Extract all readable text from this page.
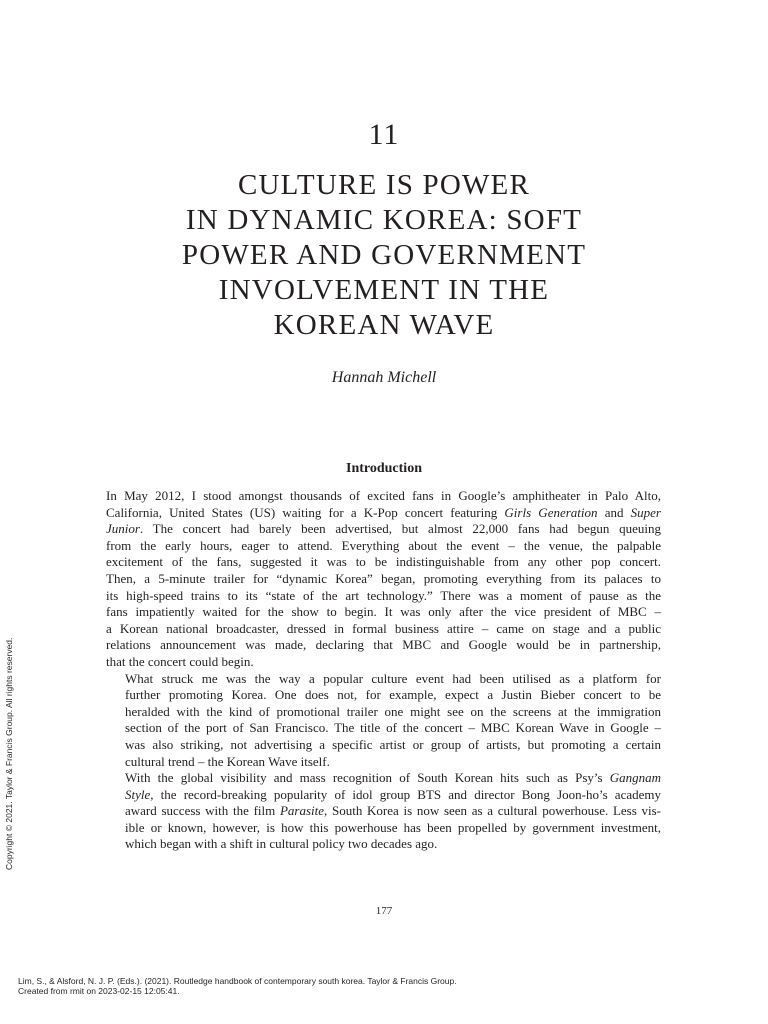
11
CULTURE IS POWER
IN DYNAMIC KOREA: SOFT
POWER AND GOVERNMENT
INVOLVEMENT IN THE
KOREAN WAVE
Hannah Michell
Introduction

In May 2012, I stood amongst thousands of excited fans in Google’s amphitheater in Palo Alto,
California, United States (US) waiting for a K-Pop concert featuring Girls Generation and Super
Junior. The concert had barely been advertised, but almost 22,000 fans had begun queuing
from the early hours, eager to attend. Everything about the event – the venue, the palpable
excitement of the fans, suggested it was to be indistinguishable from any other pop concert.
Then, a 5-minute trailer for “dynamic Korea” began, promoting everything from its palaces to
its high-speed trains to its “state of the art technology.” There was a moment of pause as the
fans impatiently waited for the show to begin. It was only after the vice president of MBC –
a Korean national broadcaster, dressed in formal business attire – came on stage and a public
relations announcement was made, declaring that MBC and Google would be in partnership,
that the concert could begin.

What struck me was the way a popular culture event had been utilised as a platform for
further promoting Korea. One does not, for example, expect a Justin Bieber concert to be
heralded with the kind of promotional trailer one might see on the screens at the immigration
section of the port of San Francisco. The title of the concert – MBC Korean Wave in Google –
was also striking, not advertising a specific artist or group of artists, but promoting a certain
cultural trend – the Korean Wave itself.

With the global visibility and mass recognition of South Korean hits such as Psy’s Gangnam
Style, the record-breaking popularity of idol group BTS and director Bong Joon-ho’s academy
award success with the film Parasite, South Korea is now seen as a cultural powerhouse. Less vis-
ible or known, however, is how this powerhouse has been propelled by government investment,
which began with a shift in cultural policy two decades ago.

177
Copyright © 2021. Taylor & Francis Group. All rights reserved.
Lim, S., & Alsford, N. J. P. (Eds.). (2021). Routledge handbook of contemporary south korea. Taylor & Francis Group.
Created from rmit on 2023-02-15 12:05:41.
